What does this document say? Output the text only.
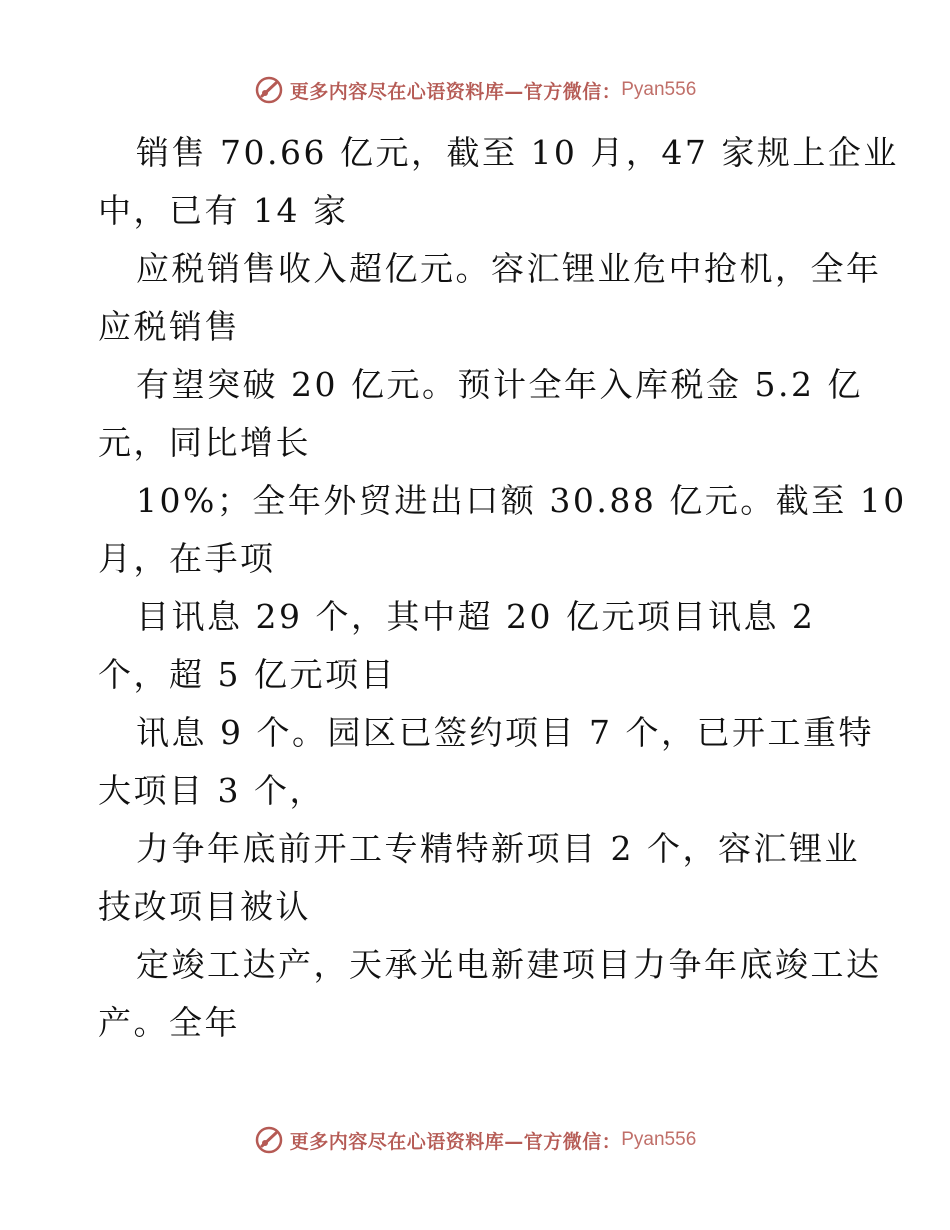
更多内容尽在心语资料库—官方微信： Pyan556

销售 70.66 亿元，截至 10 月，47 家规上企业
中，已有 14 家

应税销售收入超亿元。容汇锂业危中抢机，全年
应税销售

有望突破 20 亿元。预计全年入库税金 5.2 亿
元，同比增长

10%；全年外贸进出口额 30.88 亿元。截至 10
月，在手项

目讯息 29 个，其中超 20 亿元项目讯息 2
个，超 5 亿元项目

讯息 9 个。园区已签约项目 7 个，已开工重特
大项目 3 个，

力争年底前开工专精特新项目 2 个，容汇锂业
技改项目被认

定竣工达产，天承光电新建项目力争年底竣工达
产。全年

更多内容尽在心语资料库—官方微信： Pyan556
